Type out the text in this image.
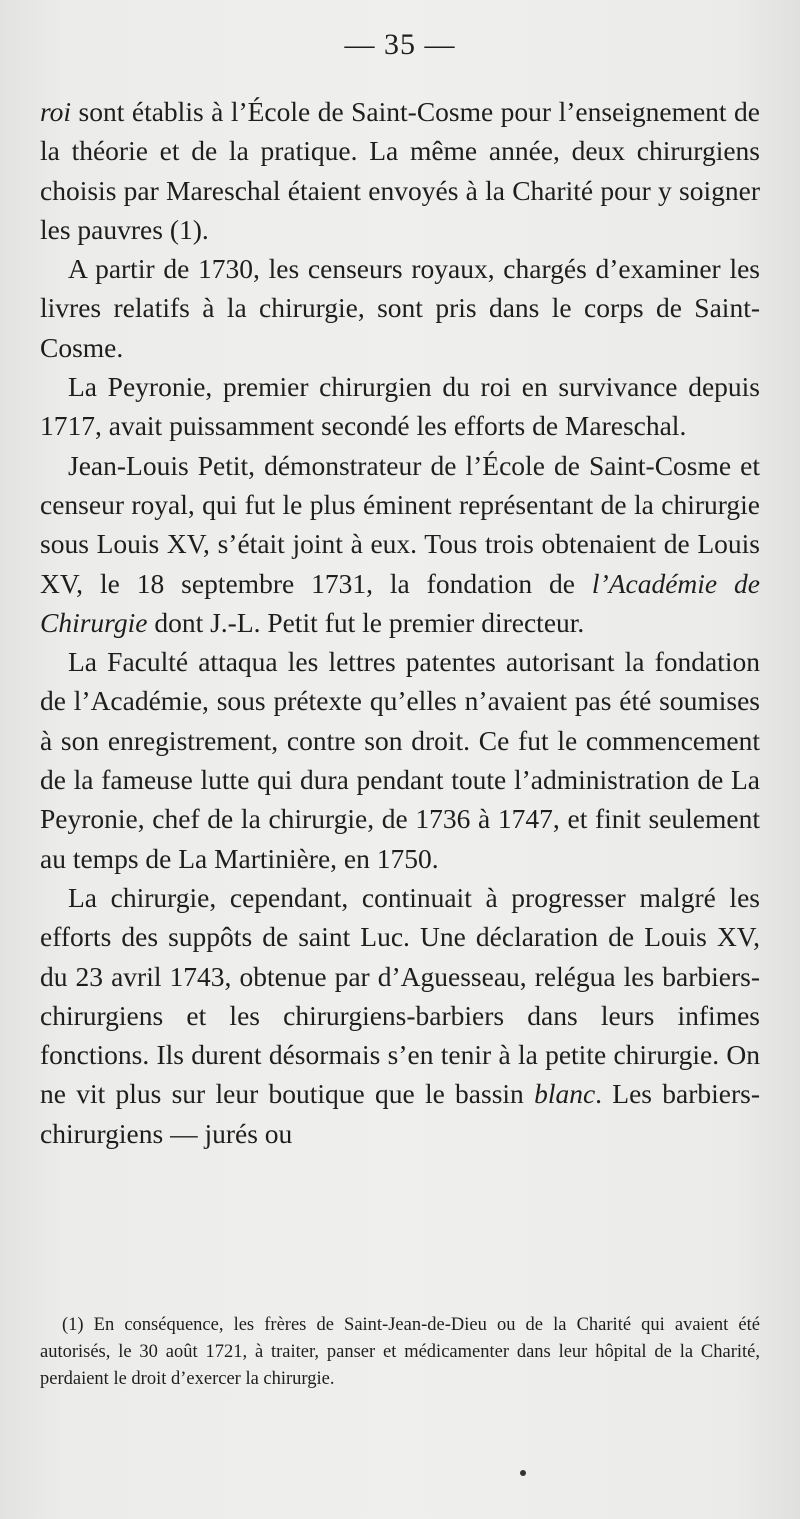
— 35 —

roi sont établis à l’École de Saint-Cosme pour l’enseignement de la théorie et de la pratique. La même année, deux chirurgiens choisis par Mareschal étaient envoyés à la Charité pour y soigner les pauvres (1).

A partir de 1730, les censeurs royaux, chargés d’examiner les livres relatifs à la chirurgie, sont pris dans le corps de Saint-Cosme.

La Peyronie, premier chirurgien du roi en survivance depuis 1717, avait puissamment secondé les efforts de Mareschal.

Jean-Louis Petit, démonstrateur de l’École de Saint-Cosme et censeur royal, qui fut le plus éminent représentant de la chirurgie sous Louis XV, s’était joint à eux. Tous trois obtenaient de Louis XV, le 18 septembre 1731, la fondation de l’Académie de Chirurgie dont J.-L. Petit fut le premier directeur.

La Faculté attaqua les lettres patentes autorisant la fondation de l’Académie, sous prétexte qu’elles n’avaient pas été soumises à son enregistrement, contre son droit. Ce fut le commencement de la fameuse lutte qui dura pendant toute l’administration de La Peyronie, chef de la chirurgie, de 1736 à 1747, et finit seulement au temps de La Martinière, en 1750.

La chirurgie, cependant, continuait à progresser malgré les efforts des suppôts de saint Luc. Une déclaration de Louis XV, du 23 avril 1743, obtenue par d’Aguesseau, relégua les barbiers-chirurgiens et les chirurgiens-barbiers dans leurs infimes fonctions. Ils durent désormais s’en tenir à la petite chirurgie. On ne vit plus sur leur boutique que le bassin blanc. Les barbiers-chirurgiens — jurés ou

(1) En conséquence, les frères de Saint-Jean-de-Dieu ou de la Charité qui avaient été autorisés, le 30 août 1721, à traiter, panser et médicamenter dans leur hôpital de la Charité, perdaient le droit d’exercer la chirurgie.
